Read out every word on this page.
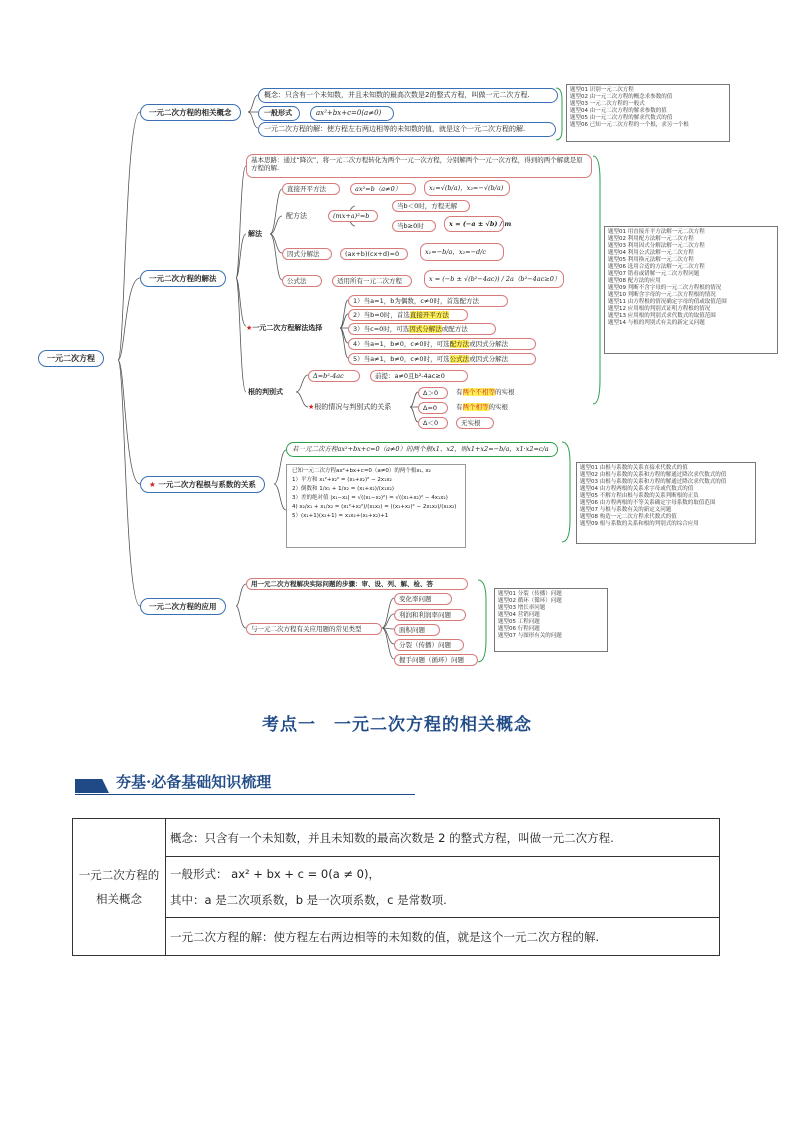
一元二次方程
一元二次方程的相关概念
概念：只含有一个未知数，并且未知数的最高次数是2的整式方程，叫做一元二次方程.
一般形式	ax²+bx+c=0(a≠0)
一元二次方程的解：使方程左右两边相等的未知数的值，就是这个一元二次方程的解.
题型01 识别一元二次方程
题型02 由一元二次方程的概念求参数的值
题型03 一元二次方程的一般式
题型04 由一元二次方程的解求参数的值
题型05 由一元二次方程的解求代数式的值
题型06 已知一元二次方程的一个根，求另一个根
一元二次方程的解法
基本思路：通过“降次”，将一元二次方程转化为两个一元一次方程，分别解两个一元一次方程，得到的两个解就是原方程的解.
解法
直接开平方法	ax²=b（a≠0）	x₁=√(b/a)，x₂=−√(b/a)
配方法	(mx+a)²=b
当b＜0时，方程无解
当b≥0时	x = (−a ± √b) / m
因式分解法	(ax+b)(cx+d)=0	x₁=−b/a，x₂=−d/c
公式法	适用所有一元二次方程	x = (−b ± √(b²−4ac)) / 2a（b²−4ac≥0）
★一元二次方程解法选择
1）当a=1，b为偶数，c≠0时，首选配方法
2）当b=0时，首选直接开平方法
3）当c=0时，可选因式分解法或配方法
4）当a=1，b≠0，c≠0时，可选配方法或因式分解法
5）当a≠1，b≠0，c≠0时，可选公式法或因式分解法
根的判别式
Δ=b²-4ac	前提：a≠0且b²-4ac≥0
★根的情况与判别式的关系
Δ＞0	有两个不相等的实根
Δ=0	有两个相等的实根
Δ＜0	无实根
题型01 用直接开平方法解一元二次方程
题型02 利用配方法解一元二次方程
题型03 利用因式分解法解一元二次方程
题型04 利用公式法解一元二次方程
题型05 利用换元法解一元二次方程
题型06 选用合适的方法解一元二次方程
题型07 错看或错解一元二次方程问题
题型08 配方法的应用
题型09 判断不含字母的一元二次方程根的情况
题型10 判断含字母的一元二次方程根的情况
题型11 由方程根的情况确定字母的值或取值范围
题型12 应用根的判别式证明方程根的情况
题型13 应用根的判别式求代数式的取值范围
题型14 与根的判别式有关的新定义问题
★ 一元二次方程根与系数的关系
若一元二次方程ax²+bx+c=0（a≠0）的两个根x1、x2，则x1+x2=−b/a，x1·x2=c/a
已知一元二次方程ax²+bx+c=0（a≠0）的两个根x₁, x₂
1）平方和 x₁²+x₂² = (x₁+x₂)² − 2x₁x₂
2）倒数和 1/x₁ + 1/x₂ = (x₁+x₂)/(x₁x₂)
3）差的绝对值 |x₁−x₂| = √((x₁−x₂)²) = √((x₁+x₂)² − 4x₁x₂)
4) x₂/x₁ + x₁/x₂ = (x₁²+x₂²)/(x₁x₂) = ((x₁+x₂)² − 2x₁x₂)/(x₁x₂)
5）(x₁+1)(x₂+1) = x₁x₂+(x₁+x₂)+1
题型01 由根与系数的关系直接求代数式的值
题型02 由根与系数的关系和方程的解通过降次求代数式的值
题型03 由根与系数的关系和方程的解通过降次求代数式的值
题型04 由方程两根的关系求字母或代数式的值
题型05 不解方程由根与系数的关系判断根的正负
题型06 由方程两根的不等关系确定字母系数的取值范围
题型07 与根与系数有关的新定义问题
题型08 构造一元二次方程求代数式的值
题型09 根与系数的关系和根的判别式的综合应用
一元二次方程的应用
用一元二次方程解决实际问题的步骤：审、设、列、解、检、答
与一元二次方程有关应用题的常见类型
变化率问题
利润和利润率问题
面积问题
分裂（传播）问题
握手问题（循环）问题
题型01 分裂（传播）问题
题型02 循环（循环）问题
题型03 增长率问题
题型04 营销问题
题型05 工程问题
题型06 行程问题
题型07 与图形有关的问题
考点一　一元二次方程的相关概念
夯基·必备基础知识梳理
一元二次方程的相关概念	概念：只含有一个未知数，并且未知数的最高次数是 2 的整式方程，叫做一元二次方程.

一般形式： ax² + bx + c = 0(a ≠ 0)，
其中：a 是二次项系数，b 是一次项系数，c 是常数项.

一元二次方程的解：使方程左右两边相等的未知数的值，就是这个一元二次方程的解.
